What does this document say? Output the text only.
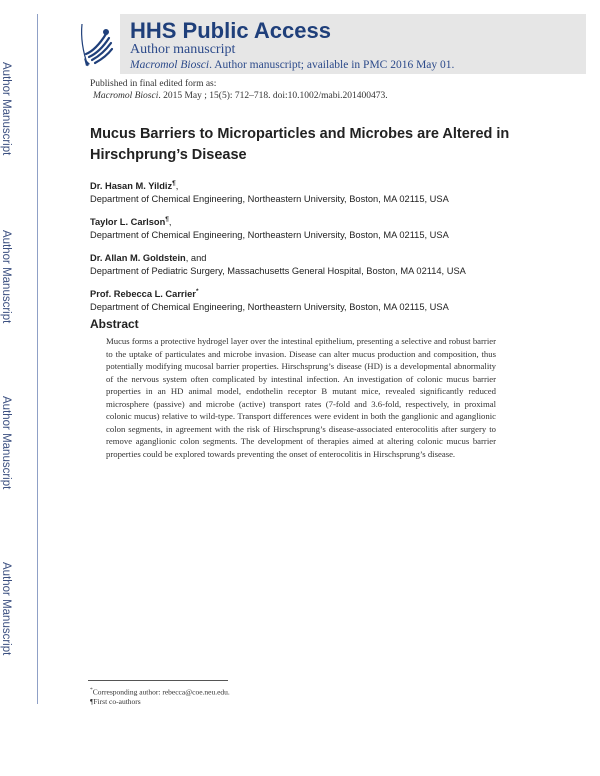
Author Manuscript
Author Manuscript
Author Manuscript
Author Manuscript
HHS Public Access
Author manuscript
Macromol Biosci. Author manuscript; available in PMC 2016 May 01.
Published in final edited form as:
Macromol Biosci. 2015 May ; 15(5): 712–718. doi:10.1002/mabi.201400473.
Mucus Barriers to Microparticles and Microbes are Altered in Hirschprung’s Disease
Dr. Hasan M. Yildiz¶,
Department of Chemical Engineering, Northeastern University, Boston, MA 02115, USA
Taylor L. Carlson¶,
Department of Chemical Engineering, Northeastern University, Boston, MA 02115, USA
Dr. Allan M. Goldstein, and
Department of Pediatric Surgery, Massachusetts General Hospital, Boston, MA 02114, USA
Prof. Rebecca L. Carrier*
Department of Chemical Engineering, Northeastern University, Boston, MA 02115, USA
Abstract
Mucus forms a protective hydrogel layer over the intestinal epithelium, presenting a selective and robust barrier to the uptake of particulates and microbe invasion. Disease can alter mucus production and composition, thus potentially modifying mucosal barrier properties. Hirschsprung’s disease (HD) is a developmental abnormality of the nervous system often complicated by intestinal infection. An investigation of colonic mucus barrier properties in an HD animal model, endothelin receptor B mutant mice, revealed significantly reduced microsphere (passive) and microbe (active) transport rates (7-fold and 3.6-fold, respectively, in proximal colonic mucus) relative to wild-type. Transport differences were evident in both the ganglionic and aganglionic colon segments, in agreement with the risk of Hirschsprung’s disease-associated enterocolitis after surgery to remove aganglionic colon segments. The development of therapies aimed at altering colonic mucus barrier properties could be explored towards preventing the onset of enterocolitis in Hirschsprung’s disease.
*Corresponding author: rebecca@coe.neu.edu.
¶First co-authors
